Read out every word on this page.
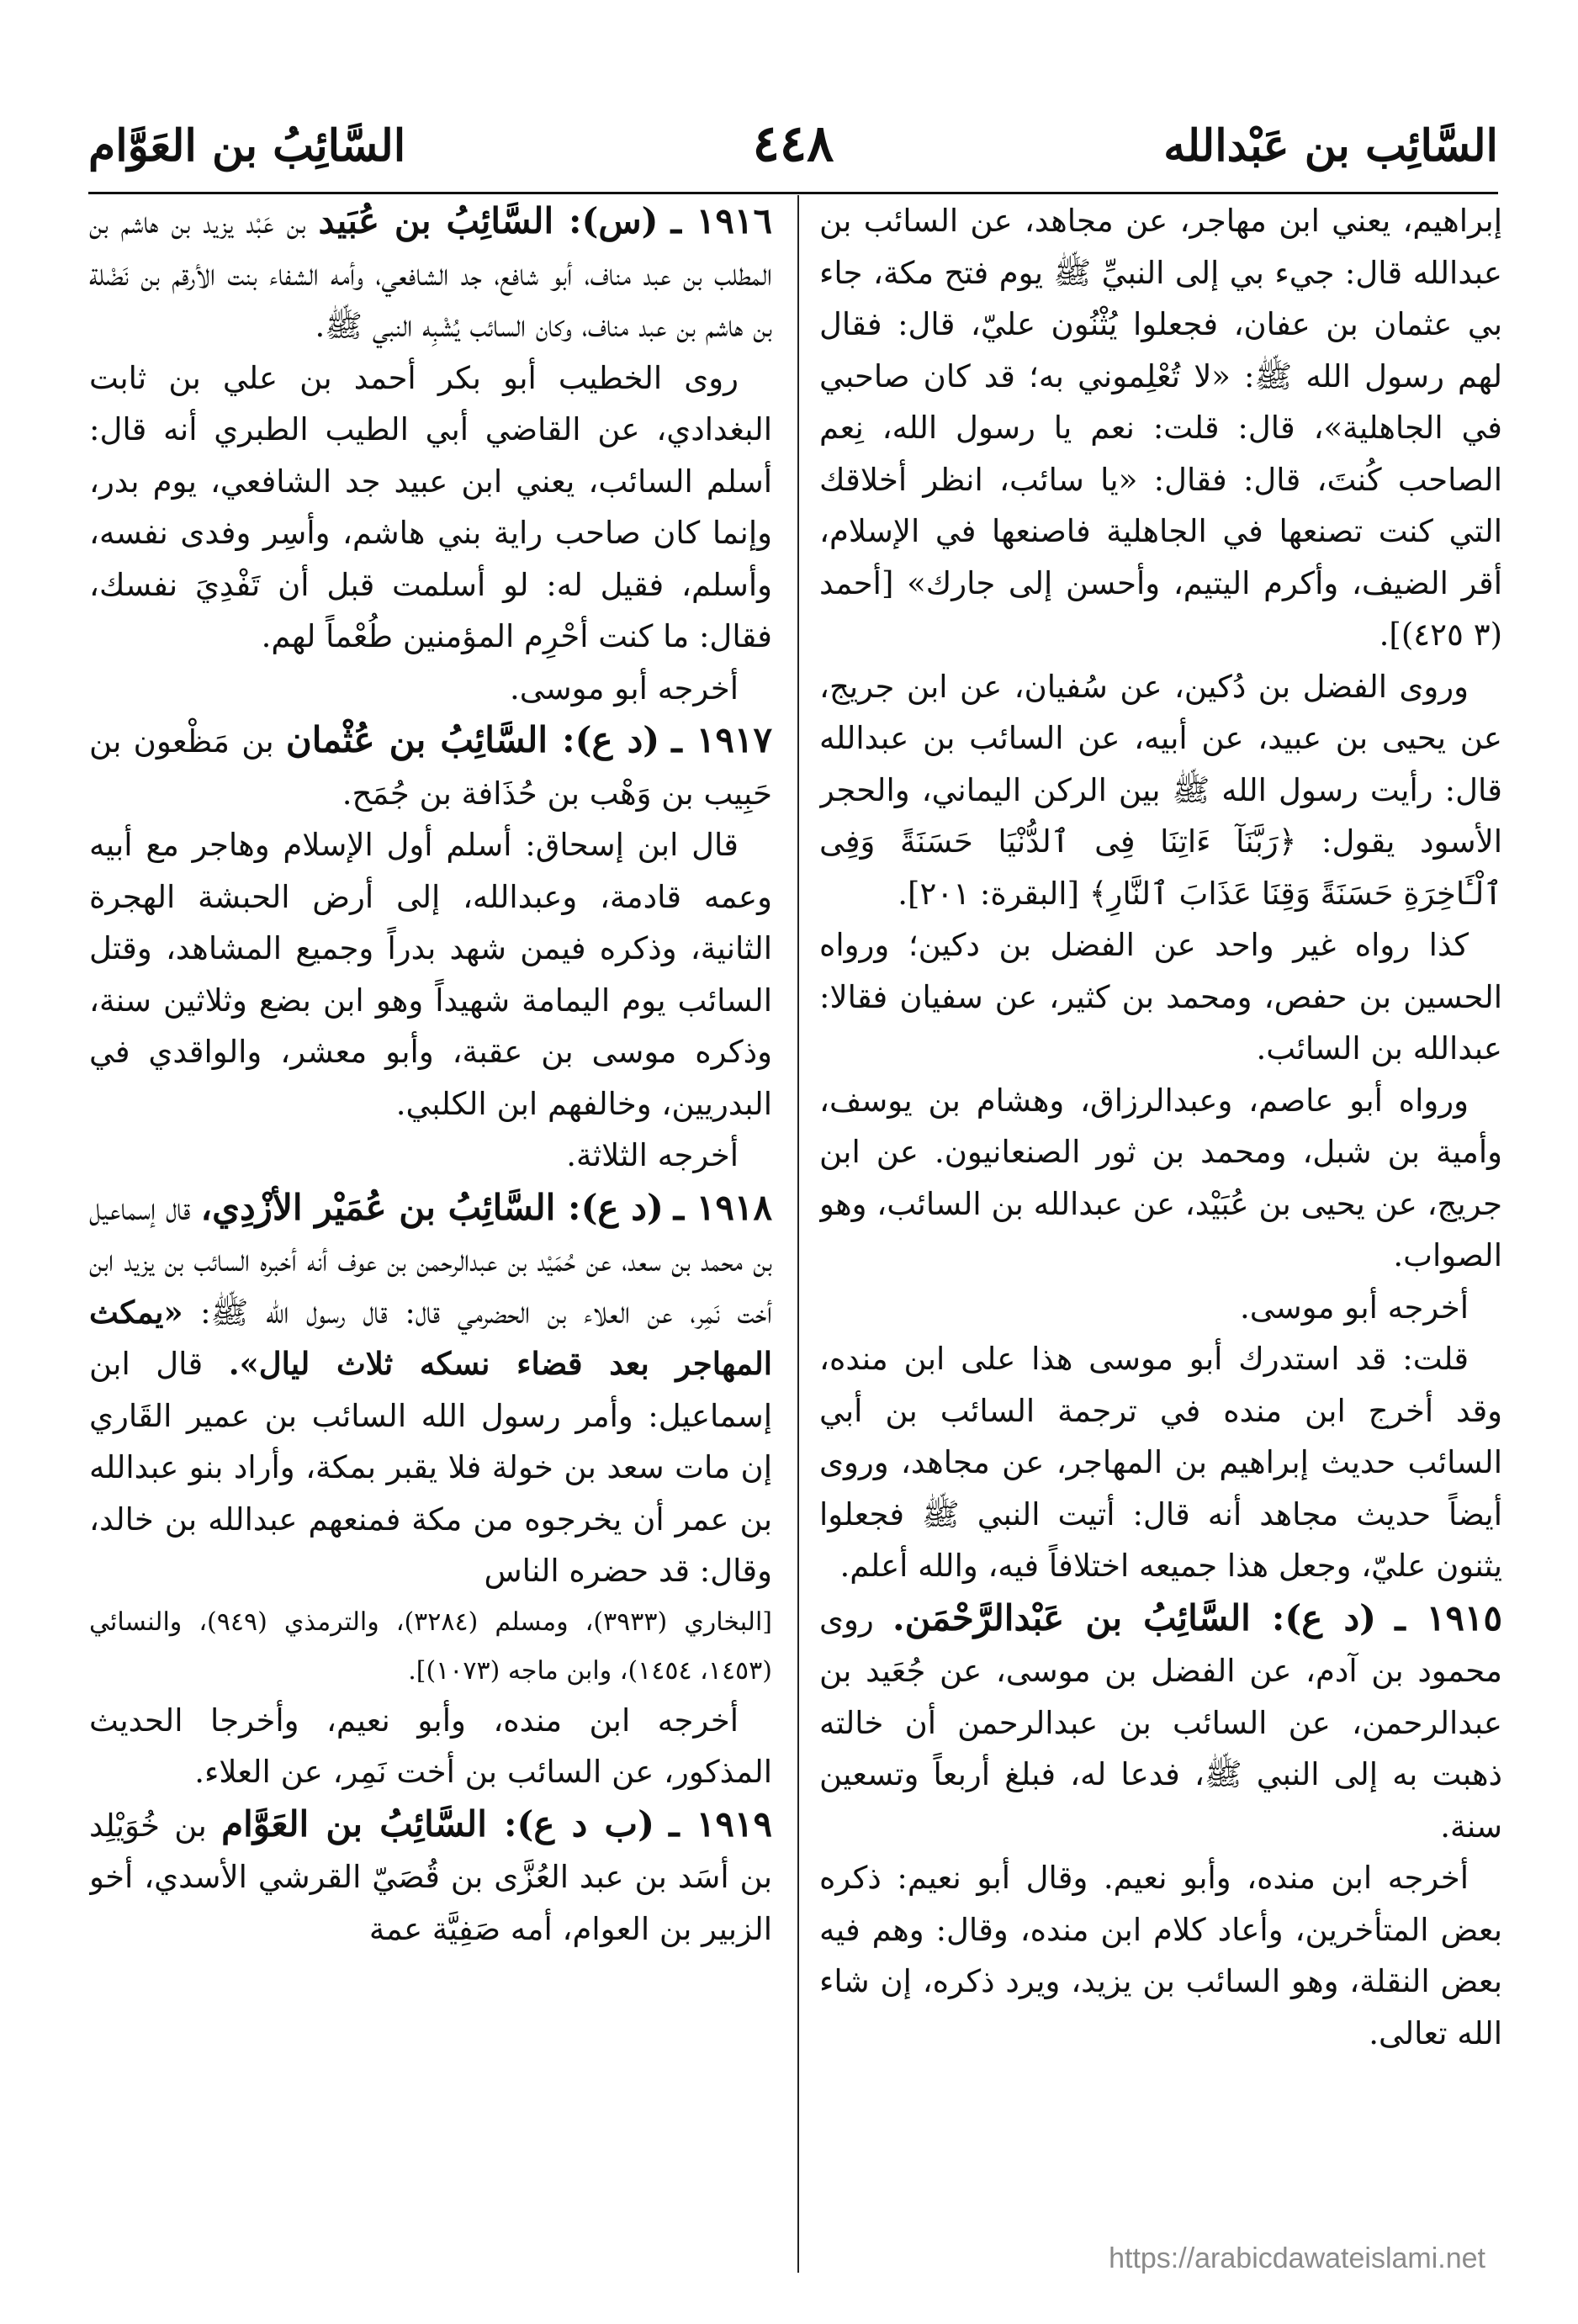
السَّائِب بن عَبْدالله
٤٤٨
السَّائِبُ بن العَوَّام

إبراهيم، يعني ابن مهاجر، عن مجاهد، عن السائب بن عبدالله قال: جيء بي إلى النبيِّ ﷺ يوم فتح مكة، جاء بي عثمان بن عفان، فجعلوا يُثْنُون عليّ، قال: فقال لهم رسول الله ﷺ: «لا تُعْلِموني به؛ قد كان صاحبي في الجاهلية»، قال: قلت: نعم يا رسول الله، نِعم الصاحب كُنتَ، قال: فقال: «يا سائب، انظر أخلاقك التي كنت تصنعها في الجاهلية فاصنعها في الإسلام، أقر الضيف، وأكرم اليتيم، وأحسن إلى جارك» [أحمد (٣ ٤٢٥)].

وروى الفضل بن دُكين، عن سُفيان، عن ابن جريج، عن يحيى بن عبيد، عن أبيه، عن السائب بن عبدالله قال: رأيت رسول الله ﷺ بين الركن اليماني، والحجر الأسود يقول: ﴿رَبَّنَآ ءَاتِنَا فِى ٱلدُّنْيَا حَسَنَةً وَفِى ٱلْـَٔاخِرَةِ حَسَنَةً وَقِنَا عَذَابَ ٱلنَّارِ﴾ [البقرة: ٢٠١].

كذا رواه غير واحد عن الفضل بن دكين؛ ورواه الحسين بن حفص، ومحمد بن كثير، عن سفيان فقالا: عبدالله بن السائب.

ورواه أبو عاصم، وعبدالرزاق، وهشام بن يوسف، وأمية بن شبل، ومحمد بن ثور الصنعانيون. عن ابن جريج، عن يحيى بن عُبَيْد، عن عبدالله بن السائب، وهو الصواب.

أخرجه أبو موسى.

قلت: قد استدرك أبو موسى هذا على ابن منده، وقد أخرج ابن منده في ترجمة السائب بن أبي السائب حديث إبراهيم بن المهاجر، عن مجاهد، وروى أيضاً حديث مجاهد أنه قال: أتيت النبي ﷺ فجعلوا يثنون عليّ، وجعل هذا جميعه اختلافاً فيه، والله أعلم.

١٩١٥ ـ (د ع): السَّائِبُ بن عَبْدالرَّحْمَن. روى محمود بن آدم، عن الفضل بن موسى، عن جُعَيد بن عبدالرحمن، عن السائب بن عبدالرحمن أن خالته ذهبت به إلى النبي ﷺ، فدعا له، فبلغ أربعاً وتسعين سنة.

أخرجه ابن منده، وأبو نعيم. وقال أبو نعيم: ذكره بعض المتأخرين، وأعاد كلام ابن منده، وقال: وهم فيه بعض النقلة، وهو السائب بن يزيد، ويرد ذكره، إن شاء الله تعالى.

١٩١٦ ـ (س): السَّائِبُ بن عُبَيد بن عَبْد يزيد بن هاشم بن المطلب بن عبد مناف، أبو شافع، جد الشافعي، وأمه الشفاء بنت الأرقم بن نَضْلة بن هاشم بن عبد مناف، وكان السائب يُشْبِه النبي ﷺ.

روى الخطيب أبو بكر أحمد بن علي بن ثابت البغدادي، عن القاضي أبي الطيب الطبري أنه قال: أسلم السائب، يعني ابن عبيد جد الشافعي، يوم بدر، وإنما كان صاحب راية بني هاشم، وأسِر وفدى نفسه، وأسلم، فقيل له: لو أسلمت قبل أن تَفْدِيَ نفسك، فقال: ما كنت أحْرِم المؤمنين طُعْماً لهم.

أخرجه أبو موسى.

١٩١٧ ـ (د ع): السَّائِبُ بن عُثْمان بن مَظْعون بن حَبِيب بن وَهْب بن حُذَافة بن جُمَح.

قال ابن إسحاق: أسلم أول الإسلام وهاجر مع أبيه وعمه قادمة، وعبدالله، إلى أرض الحبشة الهجرة الثانية، وذكره فيمن شهد بدراً وجميع المشاهد، وقتل السائب يوم اليمامة شهيداً وهو ابن بضع وثلاثين سنة، وذكره موسى بن عقبة، وأبو معشر، والواقدي في البدريين، وخالفهم ابن الكلبي.

أخرجه الثلاثة.

١٩١٨ ـ (د ع): السَّائِبُ بن عُمَيْر الأزْدِي، قال إسماعيل بن محمد بن سعد، عن حُمَيْد بن عبدالرحمن بن عوف أنه أخبره السائب بن يزيد ابن أخت نَمِر، عن العلاء بن الحضرمي قال: قال رسول الله ﷺ: «يمكث المهاجر بعد قضاء نسكه ثلاث ليال». قال ابن إسماعيل: وأمر رسول الله السائب بن عمير القَاري إن مات سعد بن خولة فلا يقبر بمكة، وأراد بنو عبدالله بن عمر أن يخرجوه من مكة فمنعهم عبدالله بن خالد، وقال: قد حضره الناس

[البخاري (٣٩٣٣)، ومسلم (٣٢٨٤)، والترمذي (٩٤٩)، والنسائي (١٤٥٣، ١٤٥٤)، وابن ماجه (١٠٧٣)].

أخرجه ابن منده، وأبو نعيم، وأخرجا الحديث المذكور، عن السائب بن أخت نَمِر، عن العلاء.

١٩١٩ ـ (ب د ع): السَّائِبُ بن العَوَّام بن خُوَيْلِد بن أسَد بن عبد العُزَّى بن قُصَيّ القرشي الأسدي، أخو الزبير بن العوام، أمه صَفِيَّة عمة

https://arabicdawateislami.net
